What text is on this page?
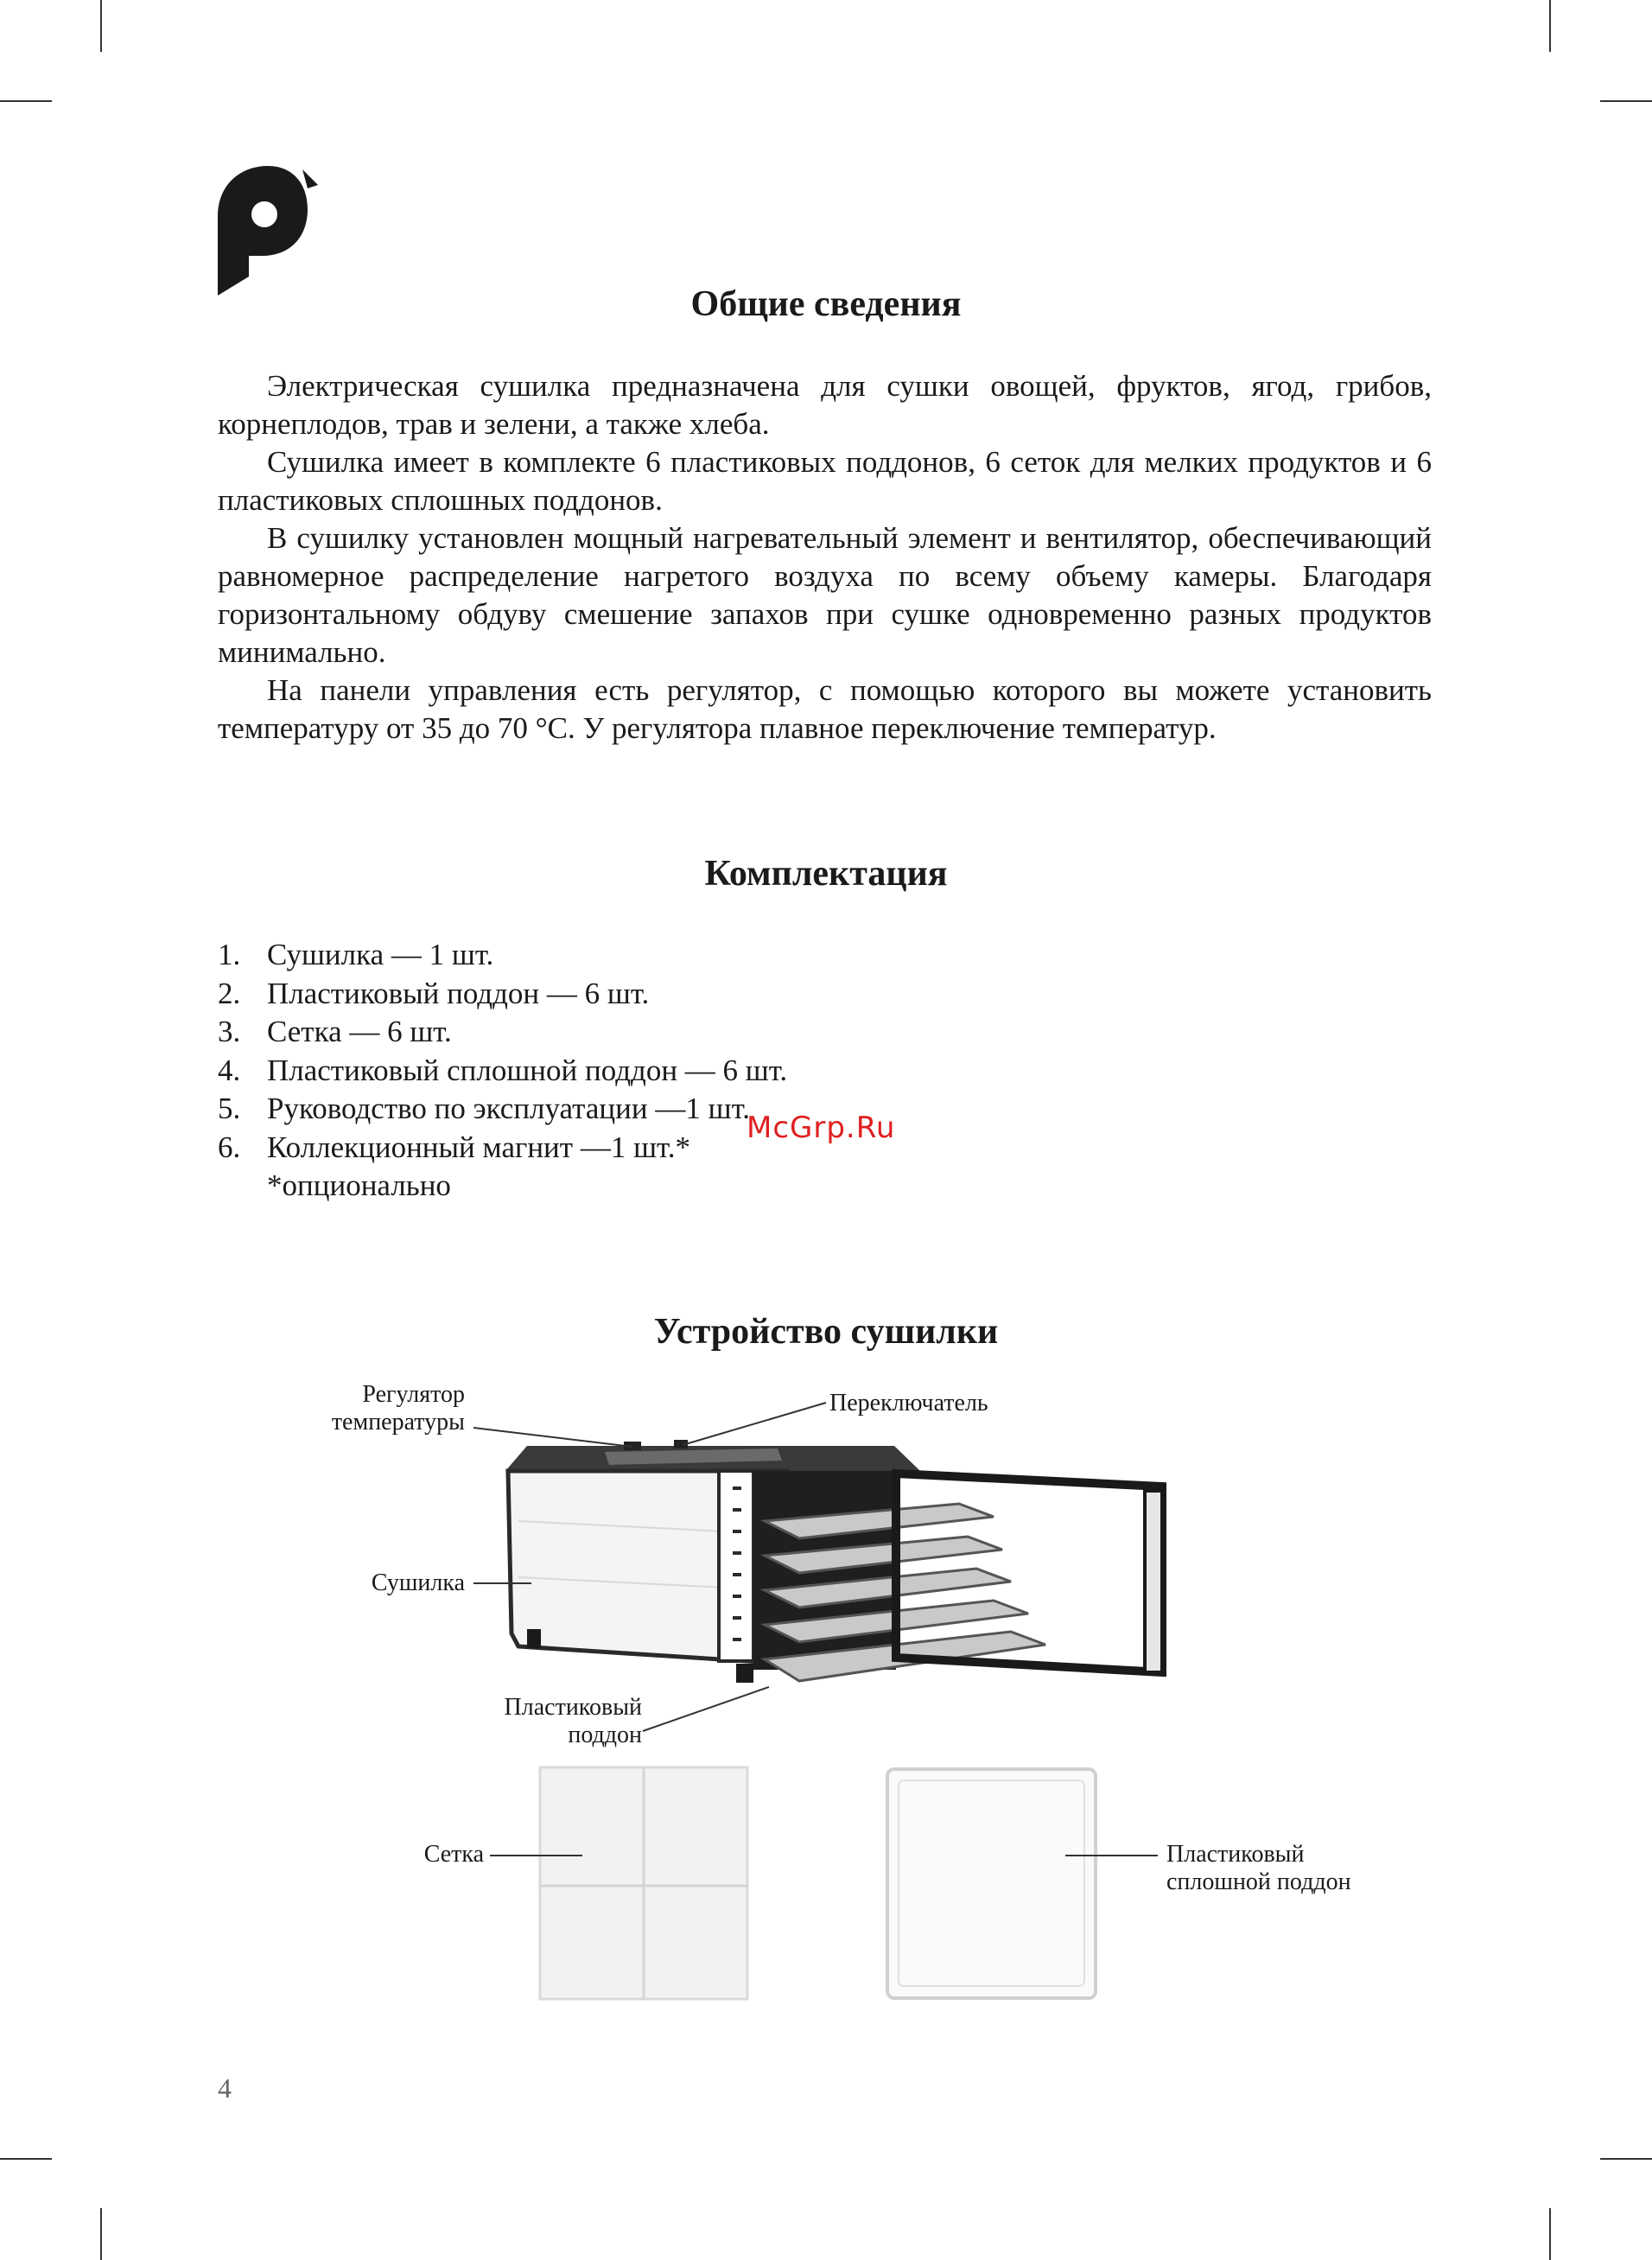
Общие сведения

Электрическая сушилка предназначена для сушки овощей, фруктов, ягод, грибов, корнеплодов, трав и зелени, а также хлеба.

Сушилка имеет в комплекте 6 пластиковых поддонов, 6 сеток для мелких продуктов и 6 пластиковых сплошных поддонов.

В сушилку установлен мощный нагревательный элемент и вентилятор, обеспечивающий равномерное распределение нагретого воздуха по всему объему камеры. Благодаря горизонтальному обдуву смешение запахов при сушке одновременно разных продуктов минимально.

На панели управления есть регулятор, с помощью которого вы можете установить температуру от 35 до 70 °C. У регулятора плавное переключение температур.

Комплектация
1. Сушилка — 1 шт.
2. Пластиковый поддон — 6 шт.
3. Сетка — 6 шт.
4. Пластиковый сплошной поддон — 6 шт.
5. Руководство по эксплуатации —1 шт.
6. Коллекционный магнит —1 шт.*
*опционально
McGrp.Ru
Устройство сушилки
Регулятор
температуры
Переключатель
Сушилка
Пластиковый
поддон
Сетка	Пластиковый
сплошной поддон
4
